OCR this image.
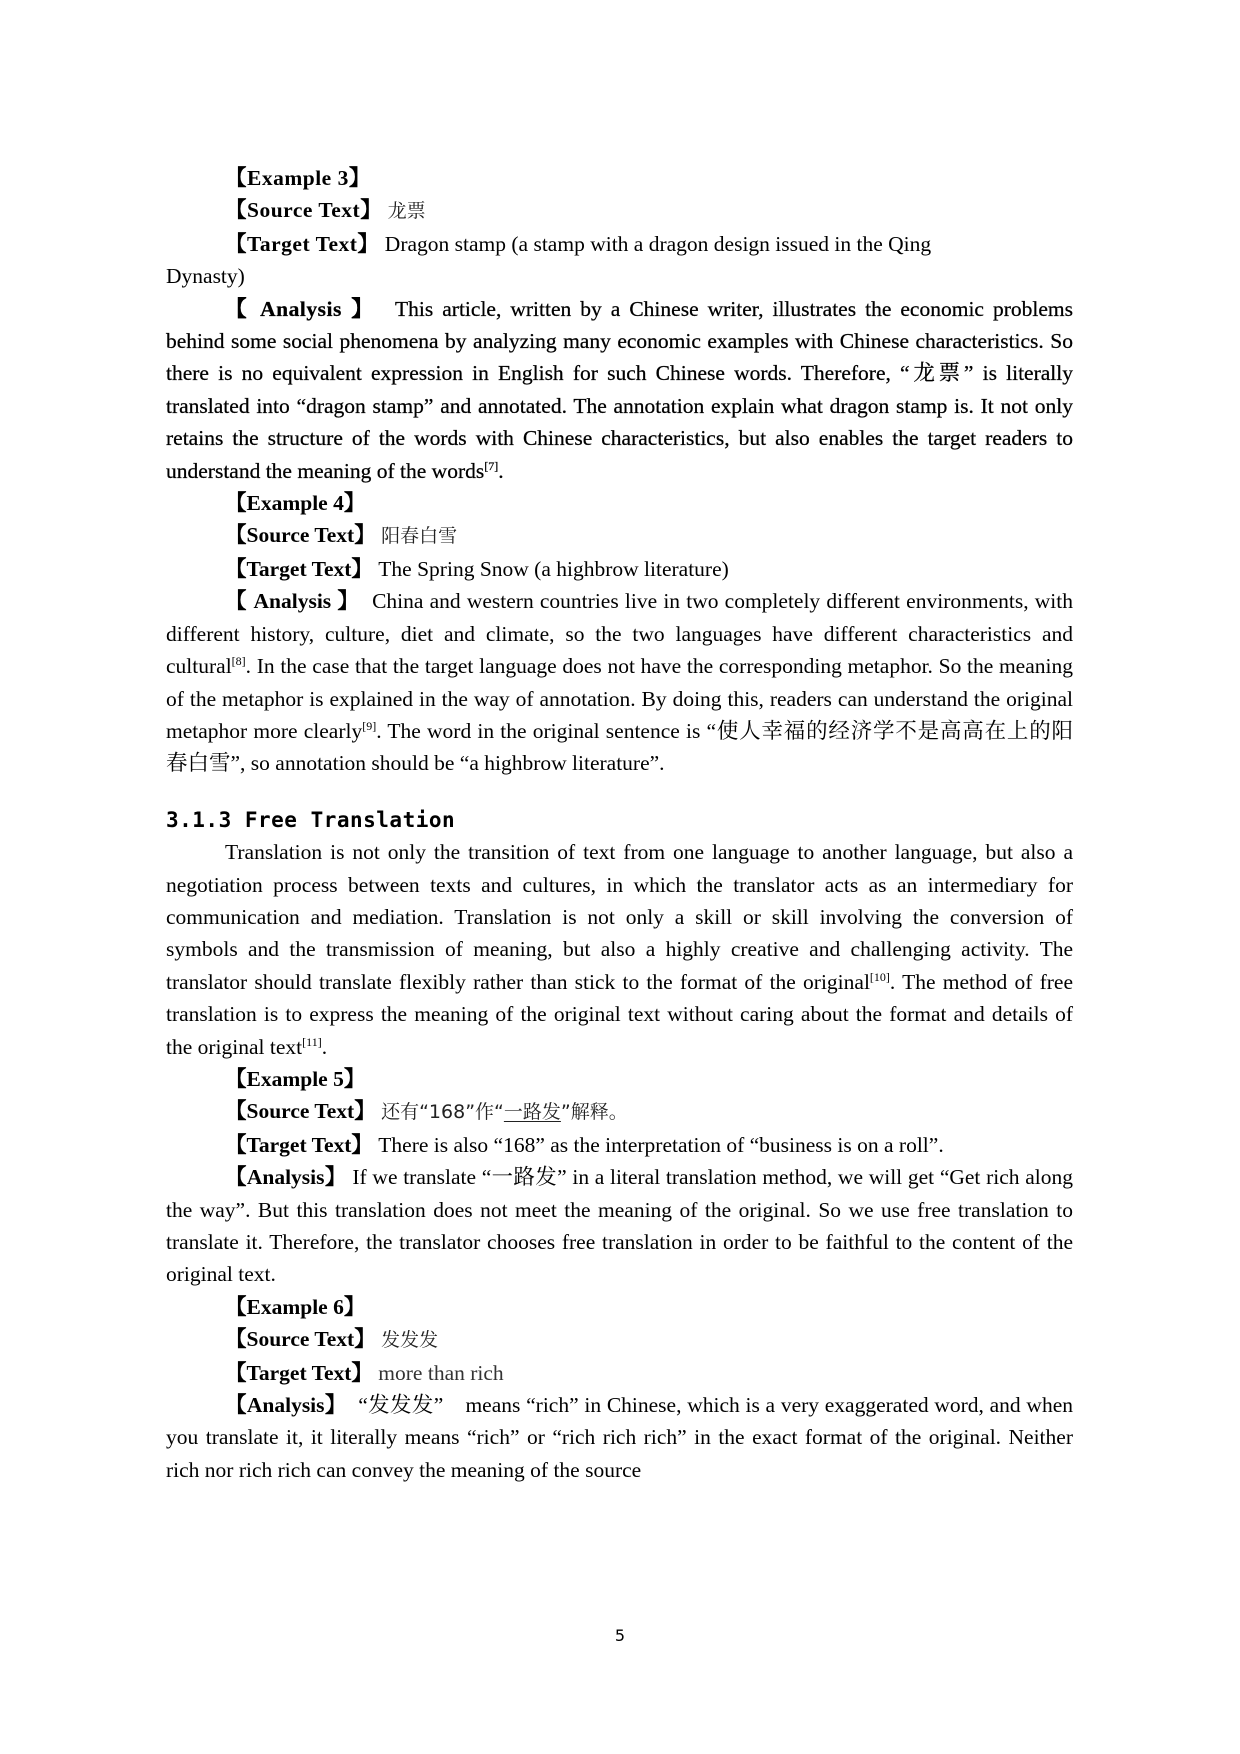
【Example 3】

【Source Text】 龙票

【Target Text】 Dragon stamp (a stamp with a dragon design issued in the Qing

Dynasty)

【 Analysis 】 This article, written by a Chinese writer, illustrates the economic problems behind some social phenomena by analyzing many economic examples with Chinese characteristics. So there is no equivalent expression in English for such Chinese words. Therefore, “龙票” is literally translated into “dragon stamp” and annotated. The annotation explain what dragon stamp is. It not only retains the structure of the words with Chinese characteristics, but also enables the target readers to understand the meaning of the words[7].

【Example 4】

【Source Text】 阳春白雪

【Target Text】 The Spring Snow (a highbrow literature)

【 Analysis 】 China and western countries live in two completely different environments, with different history, culture, diet and climate, so the two languages have different characteristics and cultural[8]. In the case that the target language does not have the corresponding metaphor. So the meaning of the metaphor is explained in the way of annotation. By doing this, readers can understand the original metaphor more clearly[9]. The word in the original sentence is “使人幸福的经济学不是高高在上的阳春白雪”, so annotation should be “a highbrow literature”.

3.1.3 Free Translation

Translation is not only the transition of text from one language to another language, but also a negotiation process between texts and cultures, in which the translator acts as an intermediary for communication and mediation. Translation is not only a skill or skill involving the conversion of symbols and the transmission of meaning, but also a highly creative and challenging activity. The translator should translate flexibly rather than stick to the format of the original[10]. The method of free translation is to express the meaning of the original text without caring about the format and details of the original text[11].

【Example 5】

【Source Text】 还有“168”作“一路发”解释。

【Target Text】 There is also “168” as the interpretation of “business is on a roll”.

【Analysis】 If we translate “一路发” in a literal translation method, we will get “Get rich along the way”. But this translation does not meet the meaning of the original. So we use free translation to translate it. Therefore, the translator chooses free translation in order to be faithful to the content of the original text.

【Example 6】

【Source Text】 发发发

【Target Text】 more than rich

【Analysis】 “发发发”　means “rich” in Chinese, which is a very exaggerated word, and when you translate it, it literally means “rich” or “rich rich rich” in the exact format of the original. Neither rich nor rich rich can convey the meaning of the source

5
